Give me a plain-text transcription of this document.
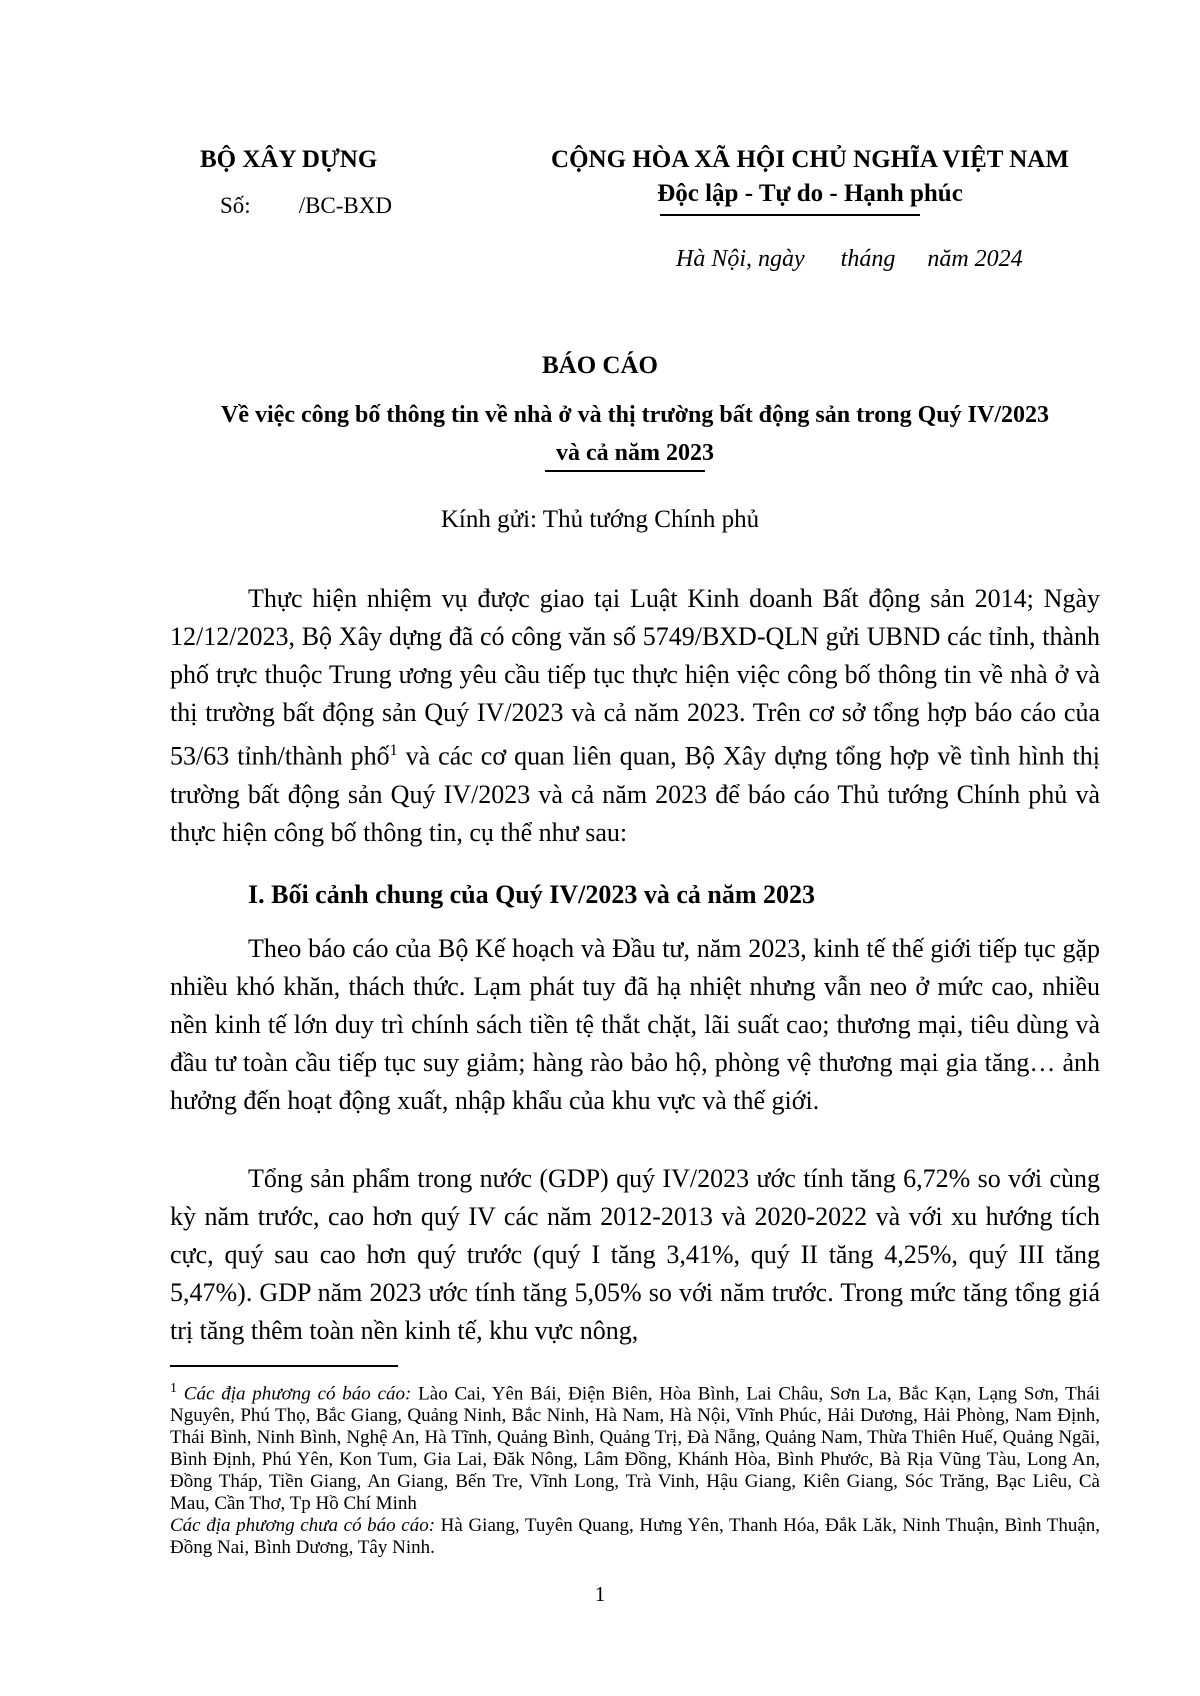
BỘ XÂY DỰNG
Số: /BC-BXD
CỘNG HÒA XÃ HỘI CHỦ NGHĨA VIỆT NAM
Độc lập - Tự do - Hạnh phúc
Hà Nội, ngày tháng năm 2024
BÁO CÁO
Về việc công bố thông tin về nhà ở và thị trường bất động sản trong Quý IV/2023
và cả năm 2023
Kính gửi: Thủ tướng Chính phủ

Thực hiện nhiệm vụ được giao tại Luật Kinh doanh Bất động sản 2014; Ngày 12/12/2023, Bộ Xây dựng đã có công văn số 5749/BXD-QLN gửi UBND các tỉnh, thành phố trực thuộc Trung ương yêu cầu tiếp tục thực hiện việc công bố thông tin về nhà ở và thị trường bất động sản Quý IV/2023 và cả năm 2023. Trên cơ sở tổng hợp báo cáo của 53/63 tỉnh/thành phố$^1$ và các cơ quan liên quan, Bộ Xây dựng tổng hợp về tình hình thị trường bất động sản Quý IV/2023 và cả năm 2023 để báo cáo Thủ tướng Chính phủ và thực hiện công bố thông tin, cụ thể như sau:

I. Bối cảnh chung của Quý IV/2023 và cả năm 2023

Theo báo cáo của Bộ Kế hoạch và Đầu tư, năm 2023, kinh tế thế giới tiếp tục gặp nhiều khó khăn, thách thức. Lạm phát tuy đã hạ nhiệt nhưng vẫn neo ở mức cao, nhiều nền kinh tế lớn duy trì chính sách tiền tệ thắt chặt, lãi suất cao; thương mại, tiêu dùng và đầu tư toàn cầu tiếp tục suy giảm; hàng rào bảo hộ, phòng vệ thương mại gia tăng… ảnh hưởng đến hoạt động xuất, nhập khẩu của khu vực và thế giới.

Tổng sản phẩm trong nước (GDP) quý IV/2023 ước tính tăng 6,72% so với cùng kỳ năm trước, cao hơn quý IV các năm 2012-2013 và 2020-2022 và với xu hướng tích cực, quý sau cao hơn quý trước (quý I tăng 3,41%, quý II tăng 4,25%, quý III tăng 5,47%). GDP năm 2023 ước tính tăng 5,05% so với năm trước. Trong mức tăng tổng giá trị tăng thêm toàn nền kinh tế, khu vực nông,

$^1$ Các địa phương có báo cáo: Lào Cai, Yên Bái, Điện Biên, Hòa Bình, Lai Châu, Sơn La, Bắc Kạn, Lạng Sơn, Thái Nguyên, Phú Thọ, Bắc Giang, Quảng Ninh, Bắc Ninh, Hà Nam, Hà Nội, Vĩnh Phúc, Hải Dương, Hải Phòng, Nam Định, Thái Bình, Ninh Bình, Nghệ An, Hà Tĩnh, Quảng Bình, Quảng Trị, Đà Nẵng, Quảng Nam, Thừa Thiên Huế, Quảng Ngãi, Bình Định, Phú Yên, Kon Tum, Gia Lai, Đăk Nông, Lâm Đồng, Khánh Hòa, Bình Phước, Bà Rịa Vũng Tàu, Long An, Đồng Tháp, Tiền Giang, An Giang, Bến Tre, Vĩnh Long, Trà Vinh, Hậu Giang, Kiên Giang, Sóc Trăng, Bạc Liêu, Cà Mau, Cần Thơ, Tp Hồ Chí Minh

Các địa phương chưa có báo cáo: Hà Giang, Tuyên Quang, Hưng Yên, Thanh Hóa, Đắk Lăk, Ninh Thuận, Bình Thuận, Đồng Nai, Bình Dương, Tây Ninh.

1
